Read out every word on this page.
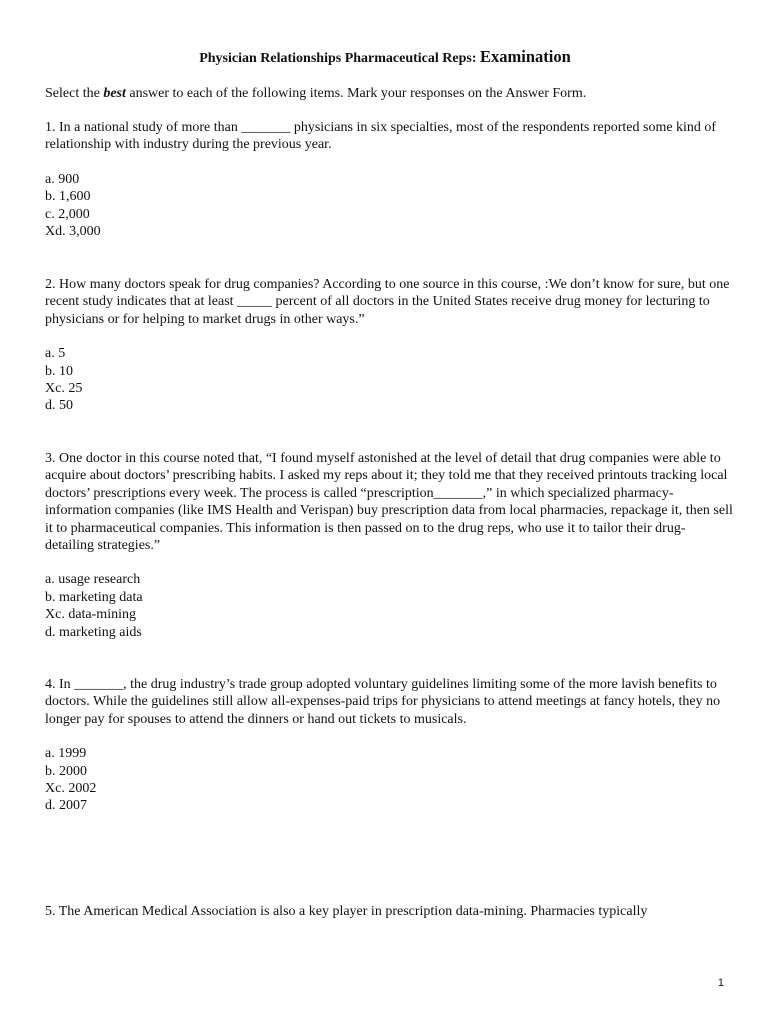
Physician Relationships Pharmaceutical Reps: Examination
Select the best answer to each of the following items. Mark your responses on the Answer Form.

1. In a national study of more than _______ physicians in six specialties, most of the respondents reported some kind of relationship with industry during the previous year.

a. 900
b. 1,600
c. 2,000
Xd. 3,000

2. How many doctors speak for drug companies? According to one source in this course, :We don’t know for sure, but one recent study indicates that at least _____ percent of all doctors in the United States receive drug money for lecturing to physicians or for helping to market drugs in other ways.”

a. 5
b. 10
Xc. 25
d. 50

3. One doctor in this course noted that, “I found myself astonished at the level of detail that drug companies were able to acquire about doctors’ prescribing habits. I asked my reps about it; they told me that they received printouts tracking local doctors’ prescriptions every week. The process is called “prescription_______,” in which specialized pharmacy-information companies (like IMS Health and Verispan) buy prescription data from local pharmacies, repackage it, then sell it to pharmaceutical companies. This information is then passed on to the drug reps, who use it to tailor their drug-detailing strategies.”

a. usage research
b. marketing data
Xc. data-mining
d. marketing aids

4. In _______, the drug industry’s trade group adopted voluntary guidelines limiting some of the more lavish benefits to doctors. While the guidelines still allow all-expenses-paid trips for physicians to attend meetings at fancy hotels, they no longer pay for spouses to attend the dinners or hand out tickets to musicals.

a. 1999
b. 2000
Xc. 2002
d. 2007

5. The American Medical Association is also a key player in prescription data-mining. Pharmacies typically

1
